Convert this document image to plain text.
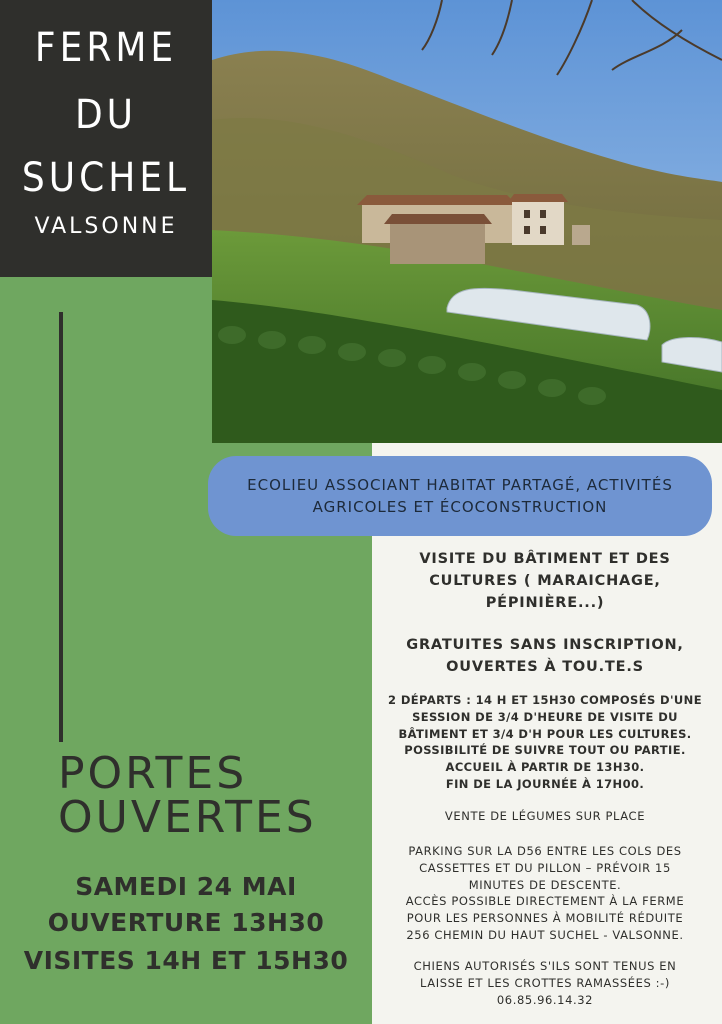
FERME
DU
SUCHEL
VALSONNE
ECOLIEU ASSOCIANT HABITAT PARTAGÉ, ACTIVITÉS
AGRICOLES ET ÉCOCONSTRUCTION
PORTES
OUVERTES
SAMEDI 24 MAI
OUVERTURE 13H30
VISITES 14H ET 15H30
VISITE DU BÂTIMENT ET DES
CULTURES ( MARAICHAGE,
PÉPINIÈRE...)
GRATUITES SANS INSCRIPTION,
OUVERTES À TOU.TE.S
2 DÉPARTS : 14 H ET 15H30 COMPOSÉS D'UNE
SESSION DE 3/4 D'HEURE DE VISITE DU
BÂTIMENT ET 3/4 D'H POUR LES CULTURES.
POSSIBILITÉ DE SUIVRE TOUT OU PARTIE.
ACCUEIL À PARTIR DE 13H30.
FIN DE LA JOURNÉE À 17H00.
VENTE DE LÉGUMES SUR PLACE
PARKING SUR LA D56 ENTRE LES COLS DES
CASSETTES ET DU PILLON – PRÉVOIR 15
MINUTES DE DESCENTE.
ACCÈS POSSIBLE DIRECTEMENT À LA FERME
POUR LES PERSONNES À MOBILITÉ RÉDUITE
256 CHEMIN DU HAUT SUCHEL - VALSONNE.
CHIENS AUTORISÉS S'ILS SONT TENUS EN
LAISSE ET LES CROTTES RAMASSÉES :-)
06.85.96.14.32
